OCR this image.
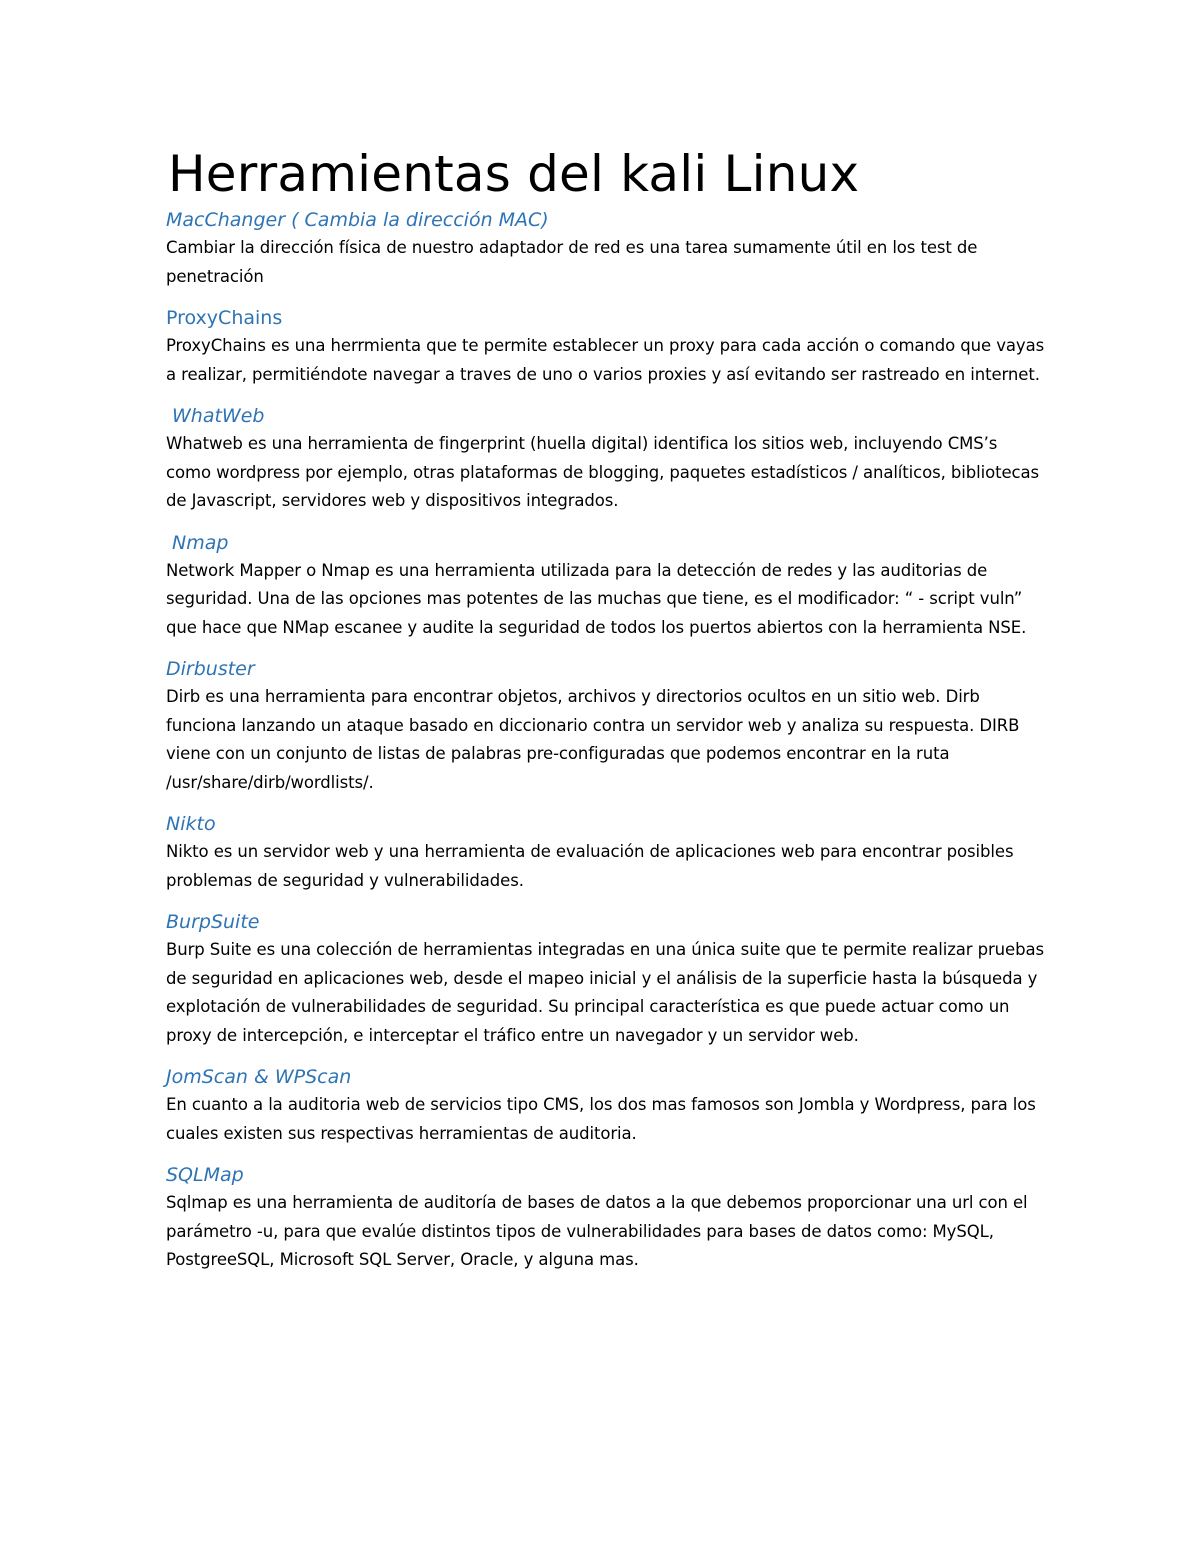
Herramientas del kali Linux
MacChanger ( Cambia la dirección MAC)

Cambiar la dirección física de nuestro adaptador de red es una tarea sumamente útil en los test de penetración

ProxyChains

ProxyChains es una herrmienta que te permite establecer un proxy para cada acción o comando que vayas a realizar, permitiéndote navegar a traves de uno o varios proxies y así evitando ser rastreado en internet.

WhatWeb

Whatweb es una herramienta de fingerprint (huella digital) identifica los sitios web, incluyendo CMS’s como wordpress por ejemplo, otras plataformas de blogging, paquetes estadísticos / analíticos, bibliotecas de Javascript, servidores web y dispositivos integrados.

Nmap

Network Mapper o Nmap es una herramienta utilizada para la detección de redes y las auditorias de seguridad. Una de las opciones mas potentes de las muchas que tiene, es el modificador: “ - script vuln” que hace que NMap escanee y audite la seguridad de todos los puertos abiertos con la herramienta NSE.

Dirbuster

Dirb es una herramienta para encontrar objetos, archivos y directorios ocultos en un sitio web. Dirb funciona lanzando un ataque basado en diccionario contra un servidor web y analiza su respuesta. DIRB viene con un conjunto de listas de palabras pre-configuradas que podemos encontrar en la ruta /usr/share/dirb/wordlists/.

Nikto

Nikto es un servidor web y una herramienta de evaluación de aplicaciones web para encontrar posibles problemas de seguridad y vulnerabilidades.

BurpSuite

Burp Suite es una colección de herramientas integradas en una única suite que te permite realizar pruebas de seguridad en aplicaciones web, desde el mapeo inicial y el análisis de la superficie hasta la búsqueda y explotación de vulnerabilidades de seguridad. Su principal característica es que puede actuar como un proxy de intercepción, e interceptar el tráfico entre un navegador y un servidor web.

JomScan & WPScan

En cuanto a la auditoria web de servicios tipo CMS, los dos mas famosos son Jombla y Wordpress, para los cuales existen sus respectivas herramientas de auditoria.

SQLMap

Sqlmap es una herramienta de auditoría de bases de datos a la que debemos proporcionar una url con el parámetro -u, para que evalúe distintos tipos de vulnerabilidades para bases de datos como: MySQL, PostgreeSQL, Microsoft SQL Server, Oracle, y alguna mas.
